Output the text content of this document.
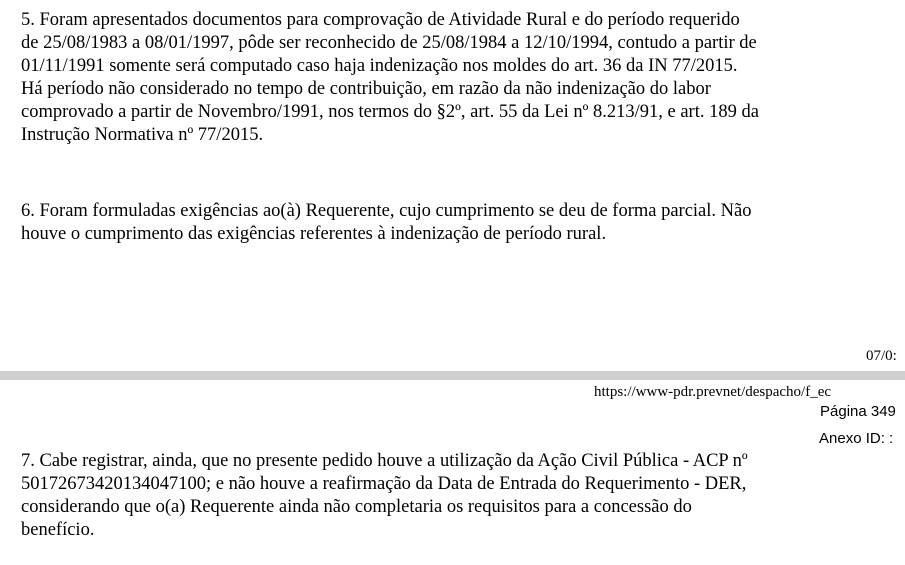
5. Foram apresentados documentos para comprovação de Atividade Rural e do período requerido
de 25/08/1983 a 08/01/1997, pôde ser reconhecido de 25/08/1984 a 12/10/1994, contudo a partir de
01/11/1991 somente será computado caso haja indenização nos moldes do art. 36 da IN 77/2015.
Há período não considerado no tempo de contribuição, em razão da não indenização do labor
comprovado a partir de Novembro/1991, nos termos do §2º, art. 55 da Lei nº 8.213/91, e art. 189 da
Instrução Normativa nº 77/2015.

6. Foram formuladas exigências ao(à) Requerente, cujo cumprimento se deu de forma parcial. Não
houve o cumprimento das exigências referentes à indenização de período rural.

07/0:
https://www-pdr.prevnet/despacho/f_ec
Página 349
Anexo ID: :

7. Cabe registrar, ainda, que no presente pedido houve a utilização da Ação Civil Pública - ACP nº
50172673420134047100; e não houve a reafirmação da Data de Entrada do Requerimento - DER,
considerando que o(a) Requerente ainda não completaria os requisitos para a concessão do
benefício.
